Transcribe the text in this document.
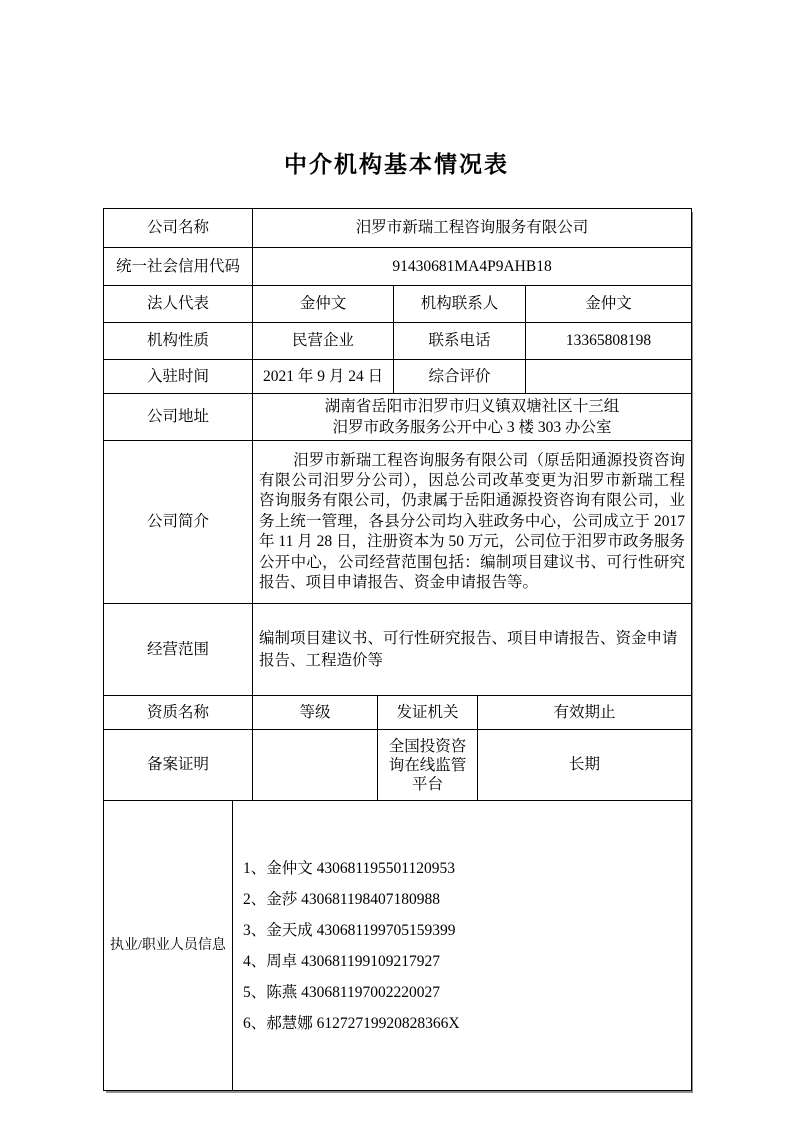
中介机构基本情况表
公司名称		汨罗市新瑞工程咨询服务有限公司				
统一社会信用代码		91430681MA4P9AHB18				
法人代表		金仲文		机构联系人		金仲文
机构性质		民营企业		联系电话		13365808198
入驻时间		2021 年 9 月 24 日		综合评价		
公司地址		湖南省岳阳市汨罗市归义镇双塘社区十三组
汨罗市政务服务公开中心 3 楼 303 办公室				

公司简介		汨罗市新瑞工程咨询服务有限公司（原岳阳通源投资咨询有限公司汨罗分公司），因总公司改革变更为汨罗市新瑞工程咨询服务有限公司，仍隶属于岳阳通源投资咨询有限公司，业务上统一管理，各县分公司均入驻政务中心，公司成立于 2017 年 11 月 28 日，注册资本为 50 万元，公司位于汨罗市政务服务公开中心，公司经营范围包括：编制项目建议书、可行性研究报告、项目申请报告、资金申请报告等。				

经营范围		编制项目建议书、可行性研究报告、项目申请报告、资金申请报告、工程造价等				

资质名称		等级	发证机关		有效期止	
备案证明			全国投资咨询在线监管平台		长期	
执业/职业人员信息	
1、金仲文 430681195501120953
2、金莎 430681198407180988
3、金天成 430681199705159399
4、周卓 430681199109217927
5、陈燕 430681197002220027
6、郝慧娜 61272719920828366X
